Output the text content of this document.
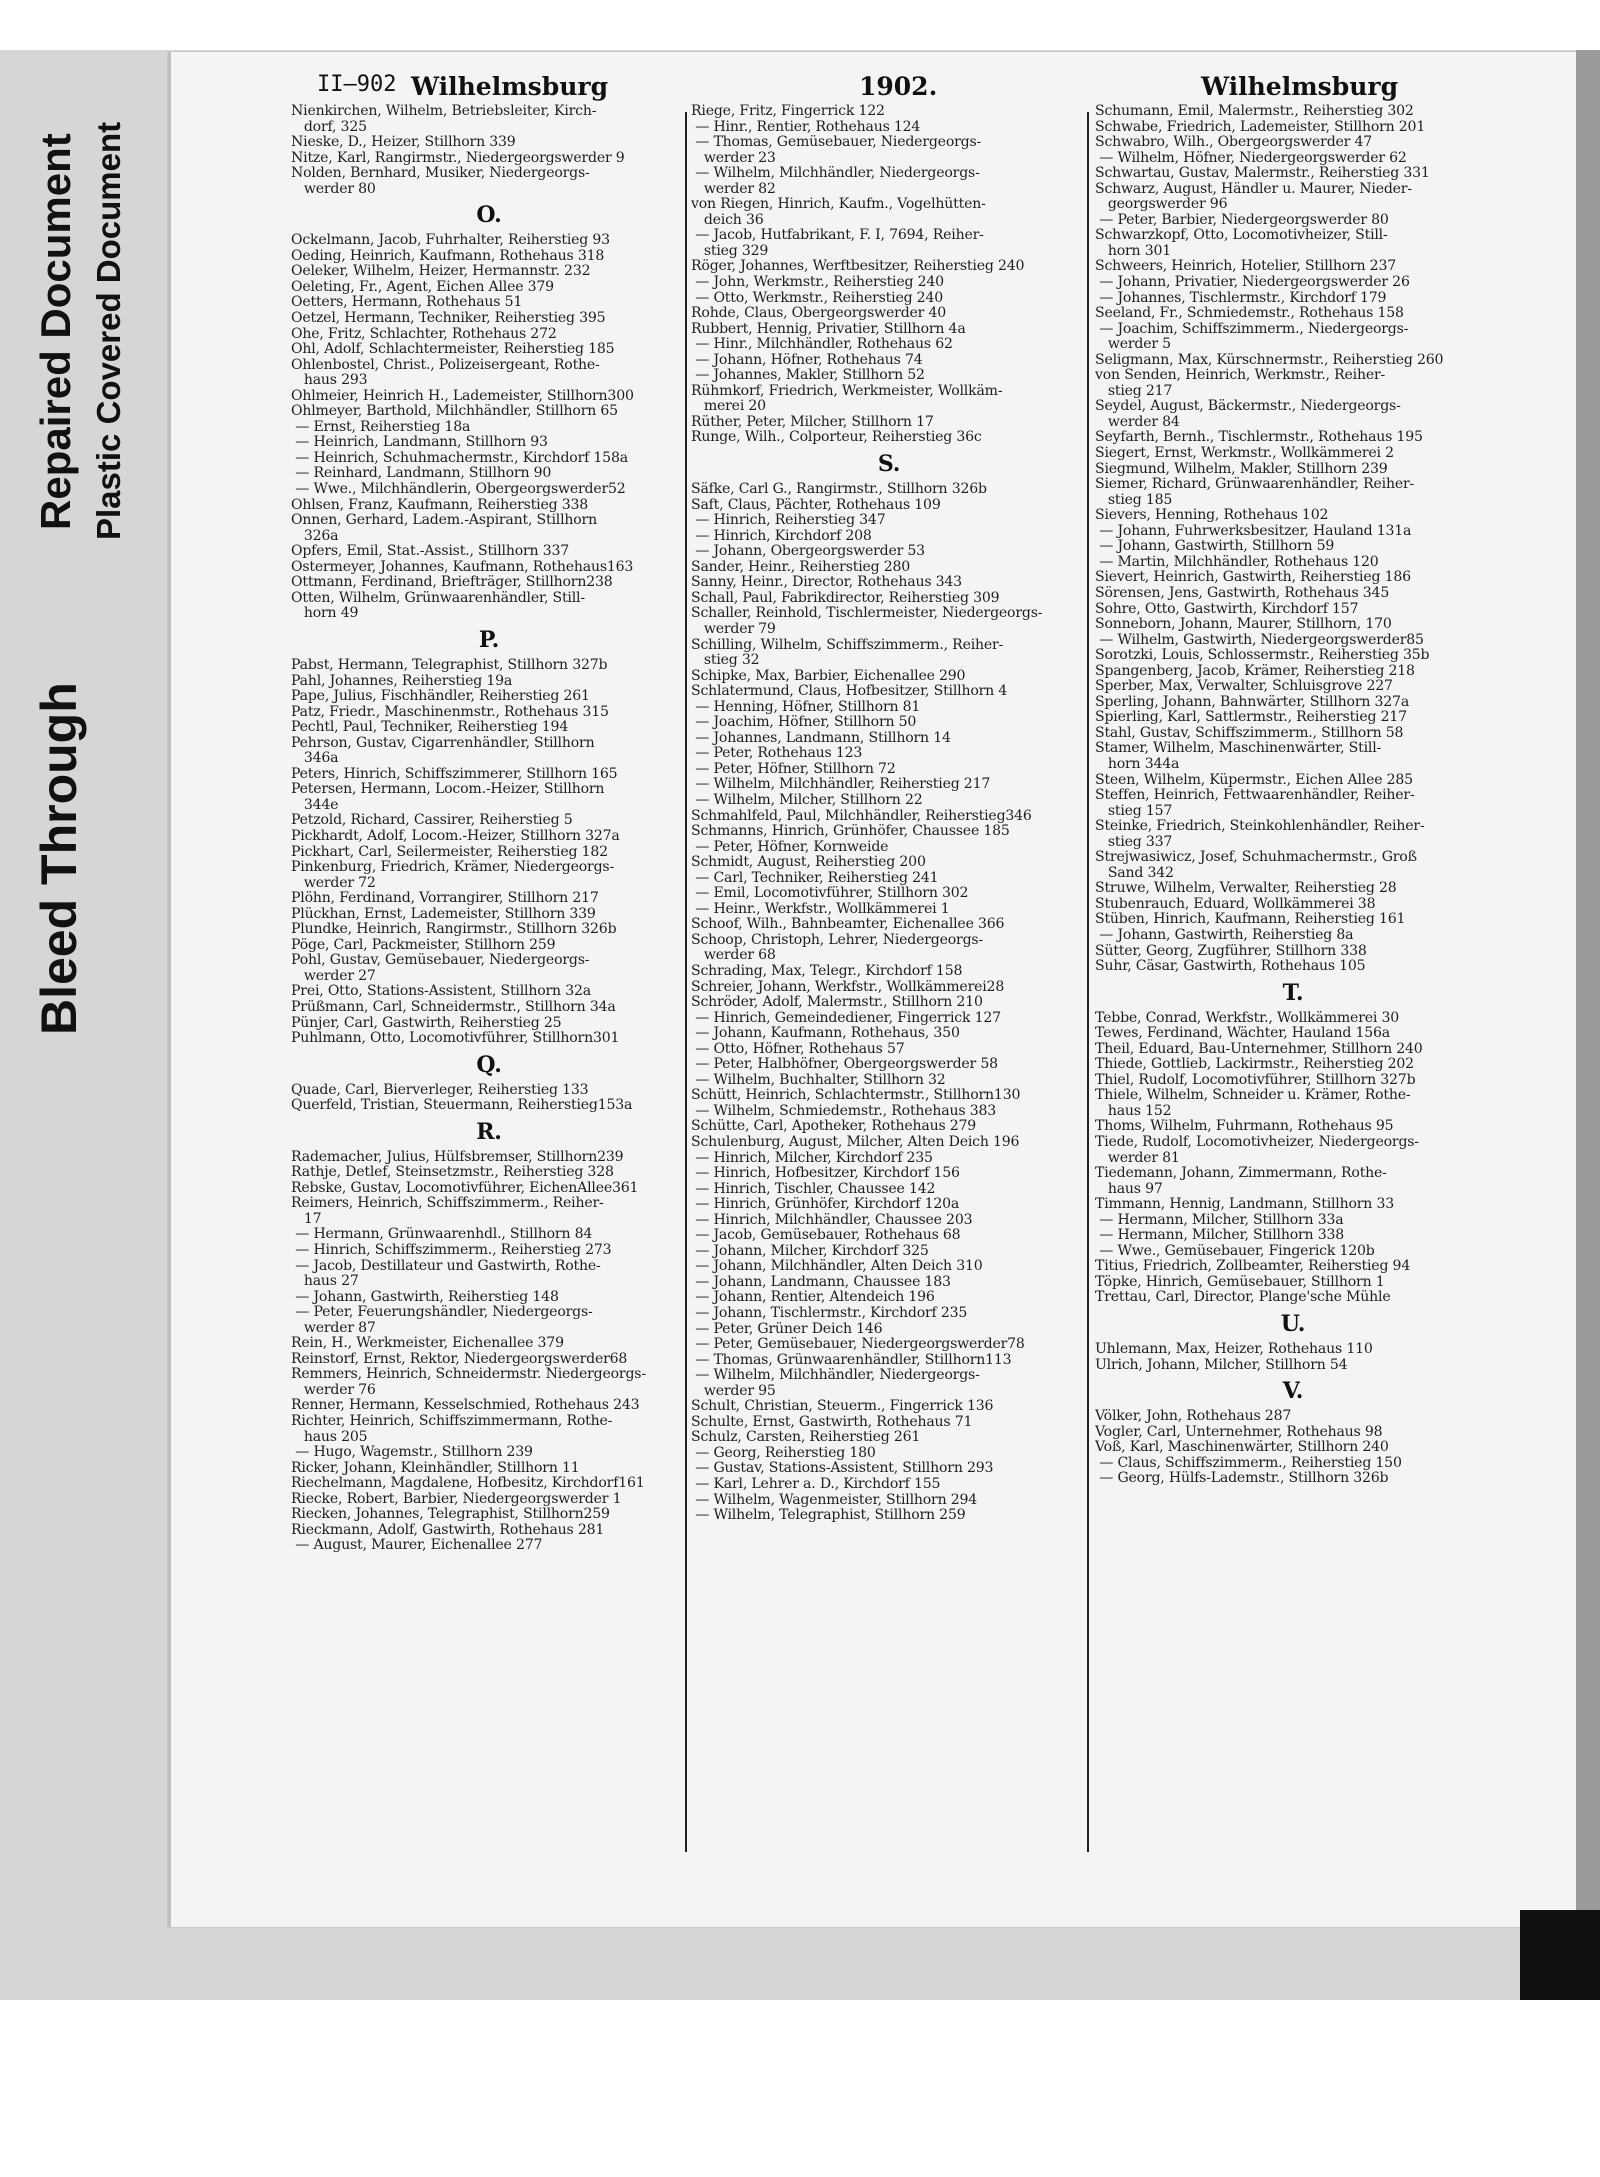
II—902 Wilhelmsburg	1902.	Wilhelmsburg
Nienkirchen, Wilhelm, Betriebsleiter, Kirch-
dorf, 325
Nieske, D., Heizer, Stillhorn 339
Nitze, Karl, Rangirmstr., Niedergeorgswerder 9
Nolden, Bernhard, Musiker, Niedergeorgs-
werder 80
O.
Ockelmann, Jacob, Fuhrhalter, Reiherstieg 93
Oeding, Heinrich, Kaufmann, Rothehaus 318
Oeleker, Wilhelm, Heizer, Hermannstr. 232
Oeleting, Fr., Agent, Eichen Allee 379
Oetters, Hermann, Rothehaus 51
Oetzel, Hermann, Techniker, Reiherstieg 395
Ohe, Fritz, Schlachter, Rothehaus 272
Ohl, Adolf, Schlachtermeister, Reiherstieg 185
Ohlenbostel, Christ., Polizeisergeant, Rothe-
haus 293
Ohlmeier, Heinrich H., Lademeister, Stillhorn300
Ohlmeyer, Barthold, Milchhändler, Stillhorn 65
— Ernst, Reiherstieg 18a
— Heinrich, Landmann, Stillhorn 93
— Heinrich, Schuhmachermstr., Kirchdorf 158a
— Reinhard, Landmann, Stillhorn 90
— Wwe., Milchhändlerin, Obergeorgswerder52
Ohlsen, Franz, Kaufmann, Reiherstieg 338
Onnen, Gerhard, Ladem.-Aspirant, Stillhorn
326a
Opfers, Emil, Stat.-Assist., Stillhorn 337
Ostermeyer, Johannes, Kaufmann, Rothehaus163
Ottmann, Ferdinand, Briefträger, Stillhorn238
Otten, Wilhelm, Grünwaarenhändler, Still-
horn 49
P.
Pabst, Hermann, Telegraphist, Stillhorn 327b
Pahl, Johannes, Reiherstieg 19a
Pape, Julius, Fischhändler, Reiherstieg 261
Patz, Friedr., Maschinenmstr., Rothehaus 315
Pechtl, Paul, Techniker, Reiherstieg 194
Pehrson, Gustav, Cigarrenhändler, Stillhorn
346a
Peters, Hinrich, Schiffszimmerer, Stillhorn 165
Petersen, Hermann, Locom.-Heizer, Stillhorn
344e
Petzold, Richard, Cassirer, Reiherstieg 5
Pickhardt, Adolf, Locom.-Heizer, Stillhorn 327a
Pickhart, Carl, Seilermeister, Reiherstieg 182
Pinkenburg, Friedrich, Krämer, Niedergeorgs-
werder 72
Plöhn, Ferdinand, Vorrangirer, Stillhorn 217
Plückhan, Ernst, Lademeister, Stillhorn 339
Plundke, Heinrich, Rangirmstr., Stillhorn 326b
Pöge, Carl, Packmeister, Stillhorn 259
Pohl, Gustav, Gemüsebauer, Niedergeorgs-
werder 27
Prei, Otto, Stations-Assistent, Stillhorn 32a
Prüßmann, Carl, Schneidermstr., Stillhorn 34a
Pünjer, Carl, Gastwirth, Reiherstieg 25
Puhlmann, Otto, Locomotivführer, Stillhorn301
Q.
Quade, Carl, Bierverleger, Reiherstieg 133
Querfeld, Tristian, Steuermann, Reiherstieg153a
R.
Rademacher, Julius, Hülfsbremser, Stillhorn239
Rathje, Detlef, Steinsetzmstr., Reiherstieg 328
Rebske, Gustav, Locomotivführer, EichenAllee361
Reimers, Heinrich, Schiffszimmerm., Reiher-
17
— Hermann, Grünwaarenhdl., Stillhorn 84
— Hinrich, Schiffszimmerm., Reiherstieg 273
— Jacob, Destillateur und Gastwirth, Rothe-
haus 27
— Johann, Gastwirth, Reiherstieg 148
— Peter, Feuerungshändler, Niedergeorgs-
werder 87
Rein, H., Werkmeister, Eichenallee 379
Reinstorf, Ernst, Rektor, Niedergeorgswerder68
Remmers, Heinrich, Schneidermstr. Niedergeorgs-
werder 76
Renner, Hermann, Kesselschmied, Rothehaus 243
Richter, Heinrich, Schiffszimmermann, Rothe-
haus 205
— Hugo, Wagemstr., Stillhorn 239
Ricker, Johann, Kleinhändler, Stillhorn 11
Riechelmann, Magdalene, Hofbesitz, Kirchdorf161
Riecke, Robert, Barbier, Niedergeorgswerder 1
Riecken, Johannes, Telegraphist, Stillhorn259
Rieckmann, Adolf, Gastwirth, Rothehaus 281
— August, Maurer, Eichenallee 277
Riege, Fritz, Fingerrick 122
— Hinr., Rentier, Rothehaus 124
— Thomas, Gemüsebauer, Niedergeorgs-
werder 23
— Wilhelm, Milchhändler, Niedergeorgs-
werder 82
von Riegen, Hinrich, Kaufm., Vogelhütten-
deich 36
— Jacob, Hutfabrikant, F. I, 7694, Reiher-
stieg 329
Röger, Johannes, Werftbesitzer, Reiherstieg 240
— John, Werkmstr., Reiherstieg 240
— Otto, Werkmstr., Reiherstieg 240
Rohde, Claus, Obergeorgswerder 40
Rubbert, Hennig, Privatier, Stillhorn 4a
— Hinr., Milchhändler, Rothehaus 62
— Johann, Höfner, Rothehaus 74
— Johannes, Makler, Stillhorn 52
Rühmkorf, Friedrich, Werkmeister, Wollkäm-
merei 20
Rüther, Peter, Milcher, Stillhorn 17
Runge, Wilh., Colporteur, Reiherstieg 36c
S.
Säfke, Carl G., Rangirmstr., Stillhorn 326b
Saft, Claus, Pächter, Rothehaus 109
— Hinrich, Reiherstieg 347
— Hinrich, Kirchdorf 208
— Johann, Obergeorgswerder 53
Sander, Heinr., Reiherstieg 280
Sanny, Heinr., Director, Rothehaus 343
Schall, Paul, Fabrikdirector, Reiherstieg 309
Schaller, Reinhold, Tischlermeister, Niedergeorgs-
werder 79
Schilling, Wilhelm, Schiffszimmerm., Reiher-
stieg 32
Schipke, Max, Barbier, Eichenallee 290
Schlatermund, Claus, Hofbesitzer, Stillhorn 4
— Henning, Höfner, Stillhorn 81
— Joachim, Höfner, Stillhorn 50
— Johannes, Landmann, Stillhorn 14
— Peter, Rothehaus 123
— Peter, Höfner, Stillhorn 72
— Wilhelm, Milchhändler, Reiherstieg 217
— Wilhelm, Milcher, Stillhorn 22
Schmahlfeld, Paul, Milchhändler, Reiherstieg346
Schmanns, Hinrich, Grünhöfer, Chaussee 185
— Peter, Höfner, Kornweide
Schmidt, August, Reiherstieg 200
— Carl, Techniker, Reiherstieg 241
— Emil, Locomotivführer, Stillhorn 302
— Heinr., Werkfstr., Wollkämmerei 1
Schoof, Wilh., Bahnbeamter, Eichenallee 366
Schoop, Christoph, Lehrer, Niedergeorgs-
werder 68
Schrading, Max, Telegr., Kirchdorf 158
Schreier, Johann, Werkfstr., Wollkämmerei28
Schröder, Adolf, Malermstr., Stillhorn 210
— Hinrich, Gemeindediener, Fingerrick 127
— Johann, Kaufmann, Rothehaus, 350
— Otto, Höfner, Rothehaus 57
— Peter, Halbhöfner, Obergeorgswerder 58
— Wilhelm, Buchhalter, Stillhorn 32
Schütt, Heinrich, Schlachtermstr., Stillhorn130
— Wilhelm, Schmiedemstr., Rothehaus 383
Schütte, Carl, Apotheker, Rothehaus 279
Schulenburg, August, Milcher, Alten Deich 196
— Hinrich, Milcher, Kirchdorf 235
— Hinrich, Hofbesitzer, Kirchdorf 156
— Hinrich, Tischler, Chaussee 142
— Hinrich, Grünhöfer, Kirchdorf 120a
— Hinrich, Milchhändler, Chaussee 203
— Jacob, Gemüsebauer, Rothehaus 68
— Johann, Milcher, Kirchdorf 325
— Johann, Milchhändler, Alten Deich 310
— Johann, Landmann, Chaussee 183
— Johann, Rentier, Altendeich 196
— Johann, Tischlermstr., Kirchdorf 235
— Peter, Grüner Deich 146
— Peter, Gemüsebauer, Niedergeorgswerder78
— Thomas, Grünwaarenhändler, Stillhorn113
— Wilhelm, Milchhändler, Niedergeorgs-
werder 95
Schult, Christian, Steuerm., Fingerrick 136
Schulte, Ernst, Gastwirth, Rothehaus 71
Schulz, Carsten, Reiherstieg 261
— Georg, Reiherstieg 180
— Gustav, Stations-Assistent, Stillhorn 293
— Karl, Lehrer a. D., Kirchdorf 155
— Wilhelm, Wagenmeister, Stillhorn 294
— Wilhelm, Telegraphist, Stillhorn 259
Schumann, Emil, Malermstr., Reiherstieg 302
Schwabe, Friedrich, Lademeister, Stillhorn 201
Schwabro, Wilh., Obergeorgswerder 47
— Wilhelm, Höfner, Niedergeorgswerder 62
Schwartau, Gustav, Malermstr., Reiherstieg 331
Schwarz, August, Händler u. Maurer, Nieder-
georgswerder 96
— Peter, Barbier, Niedergeorgswerder 80
Schwarzkopf, Otto, Locomotivheizer, Still-
horn 301
Schweers, Heinrich, Hotelier, Stillhorn 237
— Johann, Privatier, Niedergeorgswerder 26
— Johannes, Tischlermstr., Kirchdorf 179
Seeland, Fr., Schmiedemstr., Rothehaus 158
— Joachim, Schiffszimmerm., Niedergeorgs-
werder 5
Seligmann, Max, Kürschnermstr., Reiherstieg 260
von Senden, Heinrich, Werkmstr., Reiher-
stieg 217
Seydel, August, Bäckermstr., Niedergeorgs-
werder 84
Seyfarth, Bernh., Tischlermstr., Rothehaus 195
Siegert, Ernst, Werkmstr., Wollkämmerei 2
Siegmund, Wilhelm, Makler, Stillhorn 239
Siemer, Richard, Grünwaarenhändler, Reiher-
stieg 185
Sievers, Henning, Rothehaus 102
— Johann, Fuhrwerksbesitzer, Hauland 131a
— Johann, Gastwirth, Stillhorn 59
— Martin, Milchhändler, Rothehaus 120
Sievert, Heinrich, Gastwirth, Reiherstieg 186
Sörensen, Jens, Gastwirth, Rothehaus 345
Sohre, Otto, Gastwirth, Kirchdorf 157
Sonneborn, Johann, Maurer, Stillhorn, 170
— Wilhelm, Gastwirth, Niedergeorgswerder85
Sorotzki, Louis, Schlossermstr., Reiherstieg 35b
Spangenberg, Jacob, Krämer, Reiherstieg 218
Sperber, Max, Verwalter, Schluisgrove 227
Sperling, Johann, Bahnwärter, Stillhorn 327a
Spierling, Karl, Sattlermstr., Reiherstieg 217
Stahl, Gustav, Schiffszimmerm., Stillhorn 58
Stamer, Wilhelm, Maschinenwärter, Still-
horn 344a
Steen, Wilhelm, Küpermstr., Eichen Allee 285
Steffen, Heinrich, Fettwaarenhändler, Reiher-
stieg 157
Steinke, Friedrich, Steinkohlenhändler, Reiher-
stieg 337
Strejwasiwicz, Josef, Schuhmachermstr., Groß
Sand 342
Struwe, Wilhelm, Verwalter, Reiherstieg 28
Stubenrauch, Eduard, Wollkämmerei 38
Stüben, Hinrich, Kaufmann, Reiherstieg 161
— Johann, Gastwirth, Reiherstieg 8a
Sütter, Georg, Zugführer, Stillhorn 338
Suhr, Cäsar, Gastwirth, Rothehaus 105
T.
Tebbe, Conrad, Werkfstr., Wollkämmerei 30
Tewes, Ferdinand, Wächter, Hauland 156a
Theil, Eduard, Bau-Unternehmer, Stillhorn 240
Thiede, Gottlieb, Lackirmstr., Reiherstieg 202
Thiel, Rudolf, Locomotivführer, Stillhorn 327b
Thiele, Wilhelm, Schneider u. Krämer, Rothe-
haus 152
Thoms, Wilhelm, Fuhrmann, Rothehaus 95
Tiede, Rudolf, Locomotivheizer, Niedergeorgs-
werder 81
Tiedemann, Johann, Zimmermann, Rothe-
haus 97
Timmann, Hennig, Landmann, Stillhorn 33
— Hermann, Milcher, Stillhorn 33a
— Hermann, Milcher, Stillhorn 338
— Wwe., Gemüsebauer, Fingerick 120b
Titius, Friedrich, Zollbeamter, Reiherstieg 94
Töpke, Hinrich, Gemüsebauer, Stillhorn 1
Trettau, Carl, Director, Plange'sche Mühle
U.
Uhlemann, Max, Heizer, Rothehaus 110
Ulrich, Johann, Milcher, Stillhorn 54
V.
Völker, John, Rothehaus 287
Vogler, Carl, Unternehmer, Rothehaus 98
Voß, Karl, Maschinenwärter, Stillhorn 240
— Claus, Schiffszimmerm., Reiherstieg 150
— Georg, Hülfs-Lademstr., Stillhorn 326b
Bleed Through
Repaired Document Plastic Covered Document
